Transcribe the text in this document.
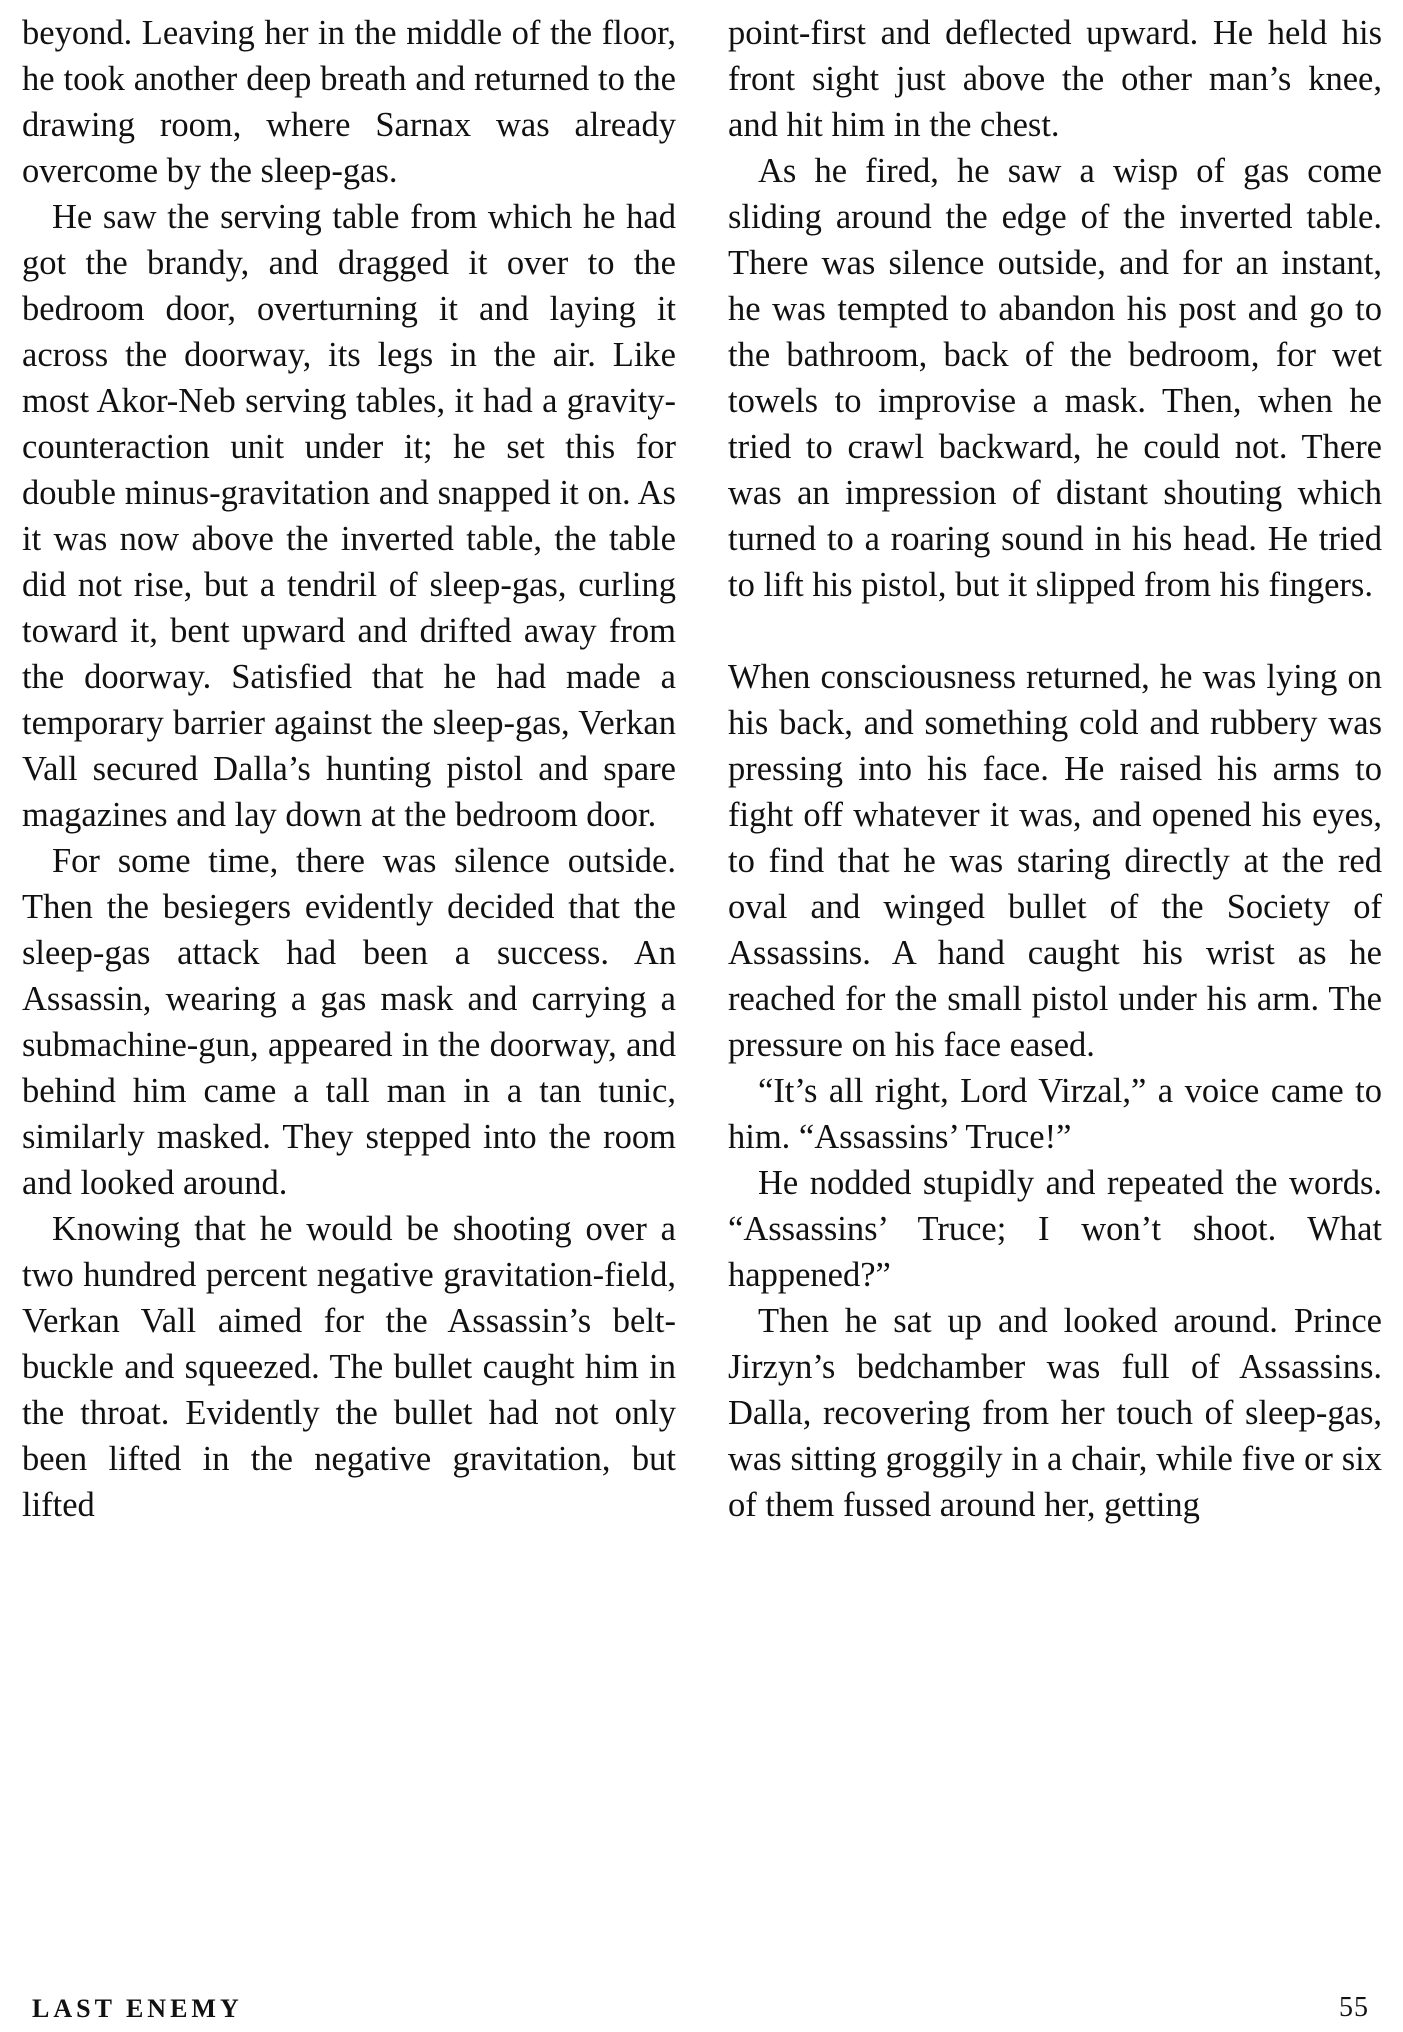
beyond. Leaving her in the middle of the floor, he took another deep breath and returned to the drawing room, where Sarnax was already overcome by the sleep-gas.

He saw the serving table from which he had got the brandy, and dragged it over to the bedroom door, overturning it and laying it across the doorway, its legs in the air. Like most Akor-Neb serving tables, it had a gravity-counteraction unit under it; he set this for double minus-gravitation and snapped it on. As it was now above the inverted table, the table did not rise, but a tendril of sleep-gas, curling toward it, bent upward and drifted away from the doorway. Satisfied that he had made a temporary barrier against the sleep-gas, Verkan Vall secured Dalla’s hunting pistol and spare magazines and lay down at the bedroom door.

For some time, there was silence outside. Then the besiegers evidently decided that the sleep-gas attack had been a success. An Assassin, wearing a gas mask and carrying a submachine-gun, appeared in the doorway, and behind him came a tall man in a tan tunic, similarly masked. They stepped into the room and looked around.

Knowing that he would be shooting over a two hundred percent negative gravitation-field, Verkan Vall aimed for the Assassin’s belt-buckle and squeezed. The bullet caught him in the throat. Evidently the bullet had not only been lifted in the negative gravitation, but lifted

point-first and deflected upward. He held his front sight just above the other man’s knee, and hit him in the chest.

As he fired, he saw a wisp of gas come sliding around the edge of the inverted table. There was silence outside, and for an instant, he was tempted to abandon his post and go to the bathroom, back of the bedroom, for wet towels to improvise a mask. Then, when he tried to crawl backward, he could not. There was an impression of distant shouting which turned to a roaring sound in his head. He tried to lift his pistol, but it slipped from his fingers.

When consciousness returned, he was lying on his back, and something cold and rubbery was pressing into his face. He raised his arms to fight off whatever it was, and opened his eyes, to find that he was staring directly at the red oval and winged bullet of the Society of Assassins. A hand caught his wrist as he reached for the small pistol under his arm. The pressure on his face eased.

“It’s all right, Lord Virzal,” a voice came to him. “Assassins’ Truce!”

He nodded stupidly and repeated the words. “Assassins’ Truce; I won’t shoot. What happened?”

Then he sat up and looked around. Prince Jirzyn’s bedchamber was full of Assassins. Dalla, recovering from her touch of sleep-gas, was sitting groggily in a chair, while five or six of them fussed around her, getting

LAST ENEMY	55
